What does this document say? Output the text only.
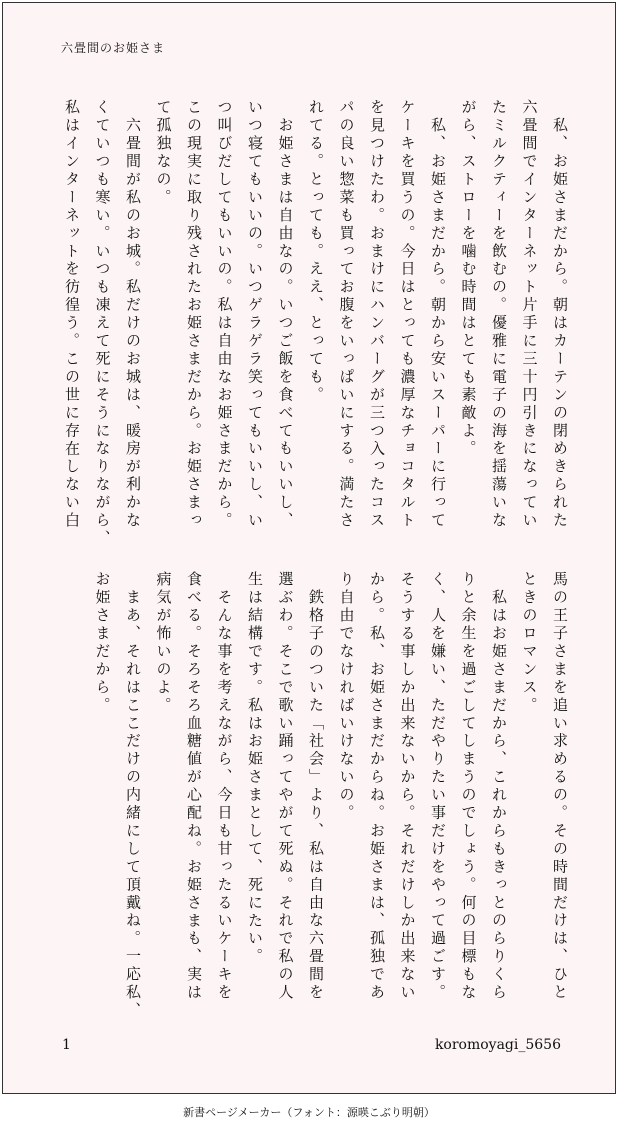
六畳間のお姫さま
　私、お姫さまだから。朝はカーテンの閉めきられた
六畳間でインターネット片手に三十円引きになってい
たミルクティーを飲むの。優雅に電子の海を揺蕩いな
がら、ストローを噛む時間はとても素敵よ。
　私、お姫さまだから。朝から安いスーパーに行って
ケーキを買うの。今日はとっても濃厚なチョコタルト
を見つけたわ。おまけにハンバーグが三つ入ったコス
パの良い惣菜も買ってお腹をいっぱいにする。満たさ
れてる。とっても。ええ、とっても。
　お姫さまは自由なの。いつご飯を食べてもいいし、
いつ寝てもいいの。いつゲラゲラ笑ってもいいし、い
つ叫びだしてもいいの。私は自由なお姫さまだから。
この現実に取り残されたお姫さまだから。お姫さまっ
て孤独なの。
　六畳間が私のお城。私だけのお城は、暖房が利かな
くていつも寒い。いつも凍えて死にそうになりながら、
私はインターネットを彷徨う。この世に存在しない白
馬の王子さまを追い求めるの。その時間だけは、ひと
ときのロマンス。
　私はお姫さまだから、これからもきっとのらりくら
りと余生を過ごしてしまうのでしょう。何の目標もな
く、人を嫌い、ただやりたい事だけをやって過ごす。
そうする事しか出来ないから。それだけしか出来ない
から。私、お姫さまだからね。お姫さまは、孤独であ
り自由でなければいけないの。
　鉄格子のついた「社会」より、私は自由な六畳間を
選ぶわ。そこで歌い踊ってやがて死ぬ。それで私の人
生は結構です。私はお姫さまとして、死にたい。
　そんな事を考えながら、今日も甘ったるいケーキを
食べる。そろそろ血糖値が心配ね。お姫さまも、実は
病気が怖いのよ。
　まあ、それはここだけの内緒にして頂戴ね。一応私、
お姫さまだから。
1	koromoyagi_5656
新書ページメーカー（フォント：源暎こぶり明朝）
